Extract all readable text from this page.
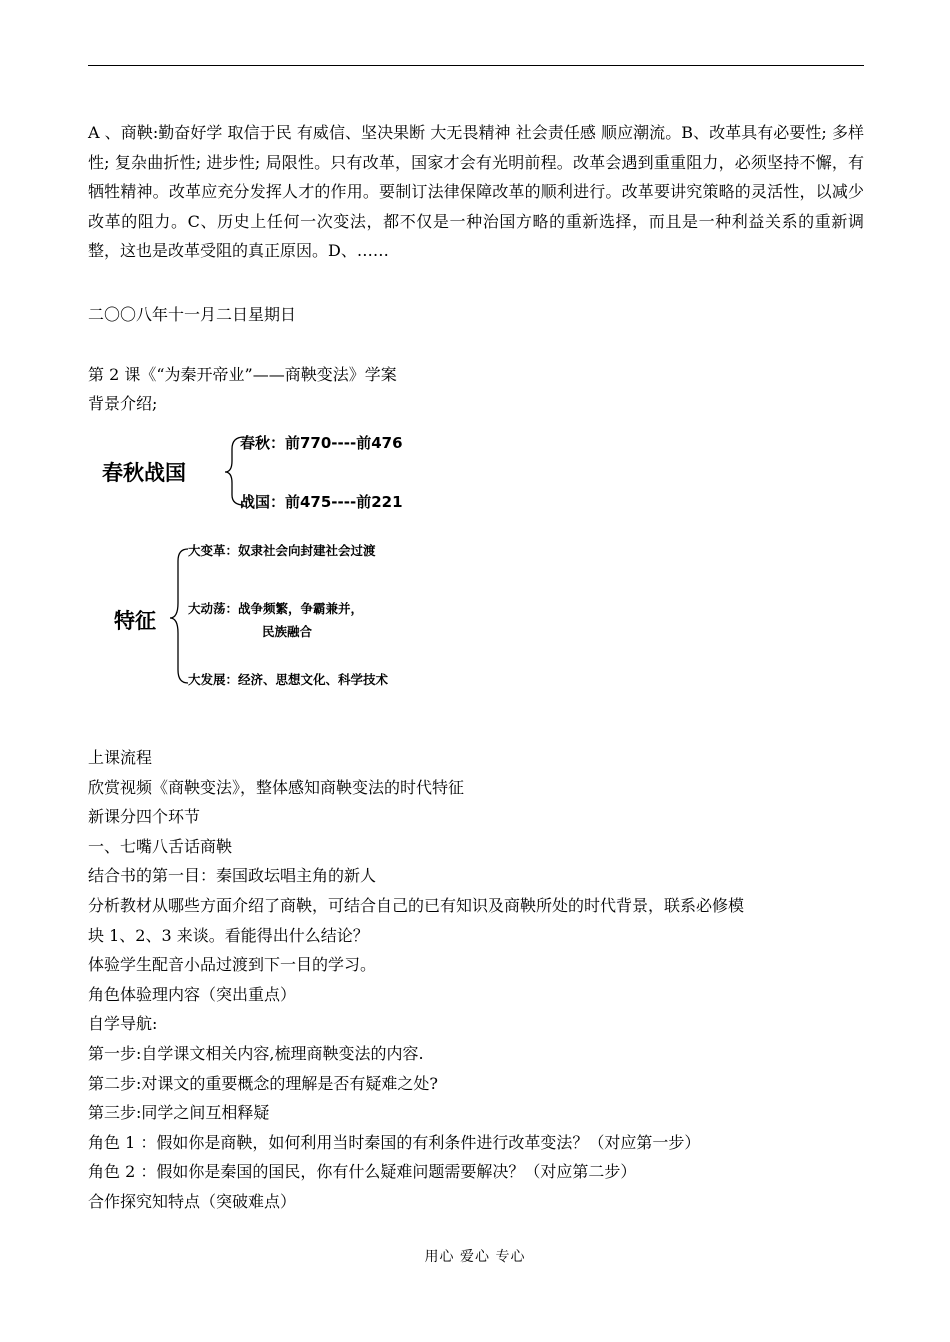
A 、商鞅:勤奋好学 取信于民 有威信、坚决果断 大无畏精神 社会责任感 顺应潮流。B、改革具有必要性; 多样性; 复杂曲折性; 进步性; 局限性。只有改革，国家才会有光明前程。改革会遇到重重阻力，必须坚持不懈，有牺牲精神。改革应充分发挥人才的作用。要制订法律保障改革的顺利进行。改革要讲究策略的灵活性，以减少改革的阻力。C、历史上任何一次变法，都不仅是一种治国方略的重新选择，而且是一种利益关系的重新调整，这也是改革受阻的真正原因。D、……

二〇〇八年十一月二日星期日
第 2 课《“为秦开帝业”——商鞅变法》学案
背景介绍;
春秋战国
春秋：前770----前476
战国：前475----前221
特征
大变革：奴隶社会向封建社会过渡
大动荡：战争频繁，争霸兼并，
民族融合
大发展：经济、思想文化、科学技术
上课流程
欣赏视频《商鞅变法》，整体感知商鞅变法的时代特征
新课分四个环节
一、七嘴八舌话商鞅
结合书的第一目：秦国政坛唱主角的新人
分析教材从哪些方面介绍了商鞅，可结合自己的已有知识及商鞅所处的时代背景，联系必修模
块 1、2、3 来谈。看能得出什么结论？
体验学生配音小品过渡到下一目的学习。
角色体验理内容（突出重点）
自学导航:
第一步:自学课文相关内容,梳理商鞅变法的内容.
第二步:对课文的重要概念的理解是否有疑难之处?
第三步:同学之间互相释疑
角色 1 ：假如你是商鞅，如何利用当时秦国的有利条件进行改革变法？（对应第一步）
角色 2 ：假如你是秦国的国民，你有什么疑难问题需要解决？（对应第二步）
合作探究知特点（突破难点）
用心 爱心 专心
